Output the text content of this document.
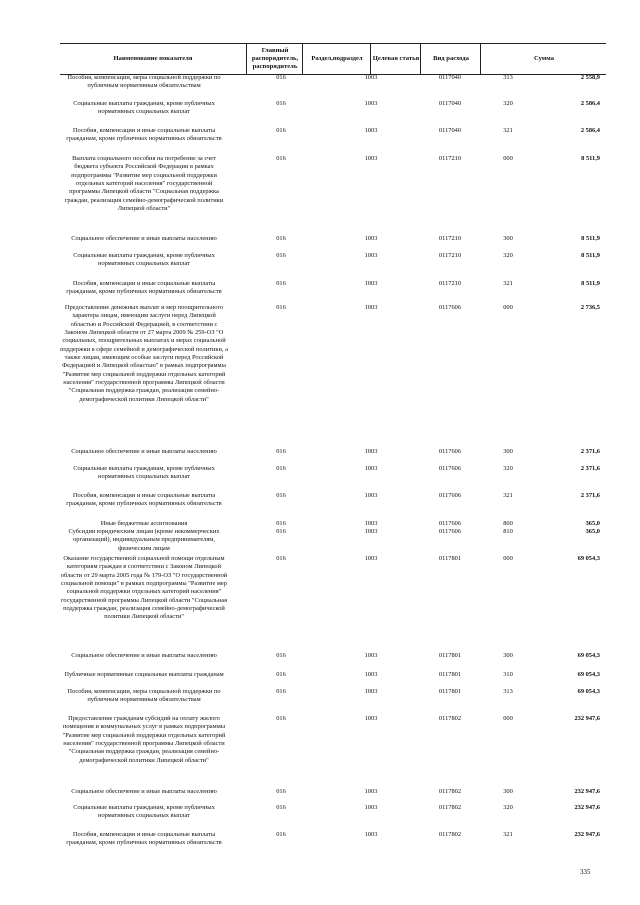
Наименование показателя
Главный распорядитель, распорядитель
Раздел,подраздел	Целевая статья	Вид расхода	Сумма
Пособия, компенсации, меры социальной поддержки по публичным нормативным обязательствам
016	1003	0117040	313	2 558,9
Социальные выплаты гражданам, кроме публичных нормативных социальных выплат
016	1003	0117040	320	2 586,4
Пособия, компенсации и иные социальные выплаты гражданам, кроме публичных нормативных обязательств
016	1003	0117040	321	2 586,4
Выплата социального пособия на погребение за счет бюджета субъекта Российской Федерации в рамках подпрограммы "Развитие мер социальной поддержки отдельных категорий населения" государственной программы Липецкой области "Социальная поддержка граждан, реализация семейно-демографической политики Липецкой области"
016	1003	0117210	000	8 511,9
Социальное обеспечение и иные выплаты населению	016	1003	0117210	300	8 511,9
Социальные выплаты гражданам, кроме публичных нормативных социальных выплат
016	1003	0117210	320	8 511,9
Пособия, компенсации и иные социальные выплаты гражданам, кроме публичных нормативных обязательств
016	1003	0117210	321	8 511,9
Предоставление денежных выплат и мер поощрительного характера лицам, имеющим заслуги перед Липецкой областью и Российской Федерацией, в соответствии с Законом Липецкой области от 27 марта 2009 № 259-ОЗ "О социальных, поощрительных выплатах и мерах социальной поддержки в сфере семейной и демографической политики, а также лицам, имеющим особые заслуги перед Российской Федерацией и Липецкой областью" в рамках подпрограммы "Развитие мер социальной поддержки отдельных категорий населения" государственной программы Липецкой области "Социальная поддержка граждан, реализация семейно-демографической политики Липецкой области"
016	1003	0117606	000	2 736,5
Социальное обеспечение и иные выплаты населению	016	1003	0117606	300	2 371,6
Социальные выплаты гражданам, кроме публичных нормативных социальных выплат
016	1003	0117606	320	2 371,6
Пособия, компенсации и иные социальные выплаты гражданам, кроме публичных нормативных обязательств
016	1003	0117606	321	2 371,6
Иные бюджетные ассигнования	016	1003	0117606	800	365,0
Субсидии юридическим лицам (кроме некоммерческих организаций), индивидуальным предпринимателям, физическим лицам
016	1003	0117606	810	365,0
Оказание государственной социальной помощи отдельным категориям граждан в соответствии с Законом Липецкой области от 29 марта 2005 года № 179-ОЗ "О государственной социальной помощи" в рамках подпрограммы "Развитие мер социальной поддержки отдельных категорий населения" государственной программы Липецкой области "Социальная поддержка граждан, реализация семейно-демографической политики Липецкой области"
016	1003	0117801	000	69 054,3
Социальное обеспечение и иные выплаты населению	016	1003	0117801	300	69 054,3
Публичные нормативные социальные выплаты гражданам	016	1003	0117801	310	69 054,3
Пособия, компенсации, меры социальной поддержки по публичным нормативным обязательствам
016	1003	0117801	313	69 054,3
Предоставление гражданам субсидий на оплату жилого помещения и коммунальных услуг в рамках подпрограммы "Развитие мер социальной поддержки отдельных категорий населения" государственной программы Липецкой области "Социальная поддержка граждан, реализация семейно-демографической политики Липецкой области"
016	1003	0117802	000	232 947,6
Социальное обеспечение и иные выплаты населению	016	1003	0117802	300	232 947,6
Социальные выплаты гражданам, кроме публичных нормативных социальных выплат
016	1003	0117802	320	232 947,6
Пособия, компенсации и иные социальные выплаты гражданам, кроме публичных нормативных обязательств
016	1003	0117802	321	232 947,6
335
